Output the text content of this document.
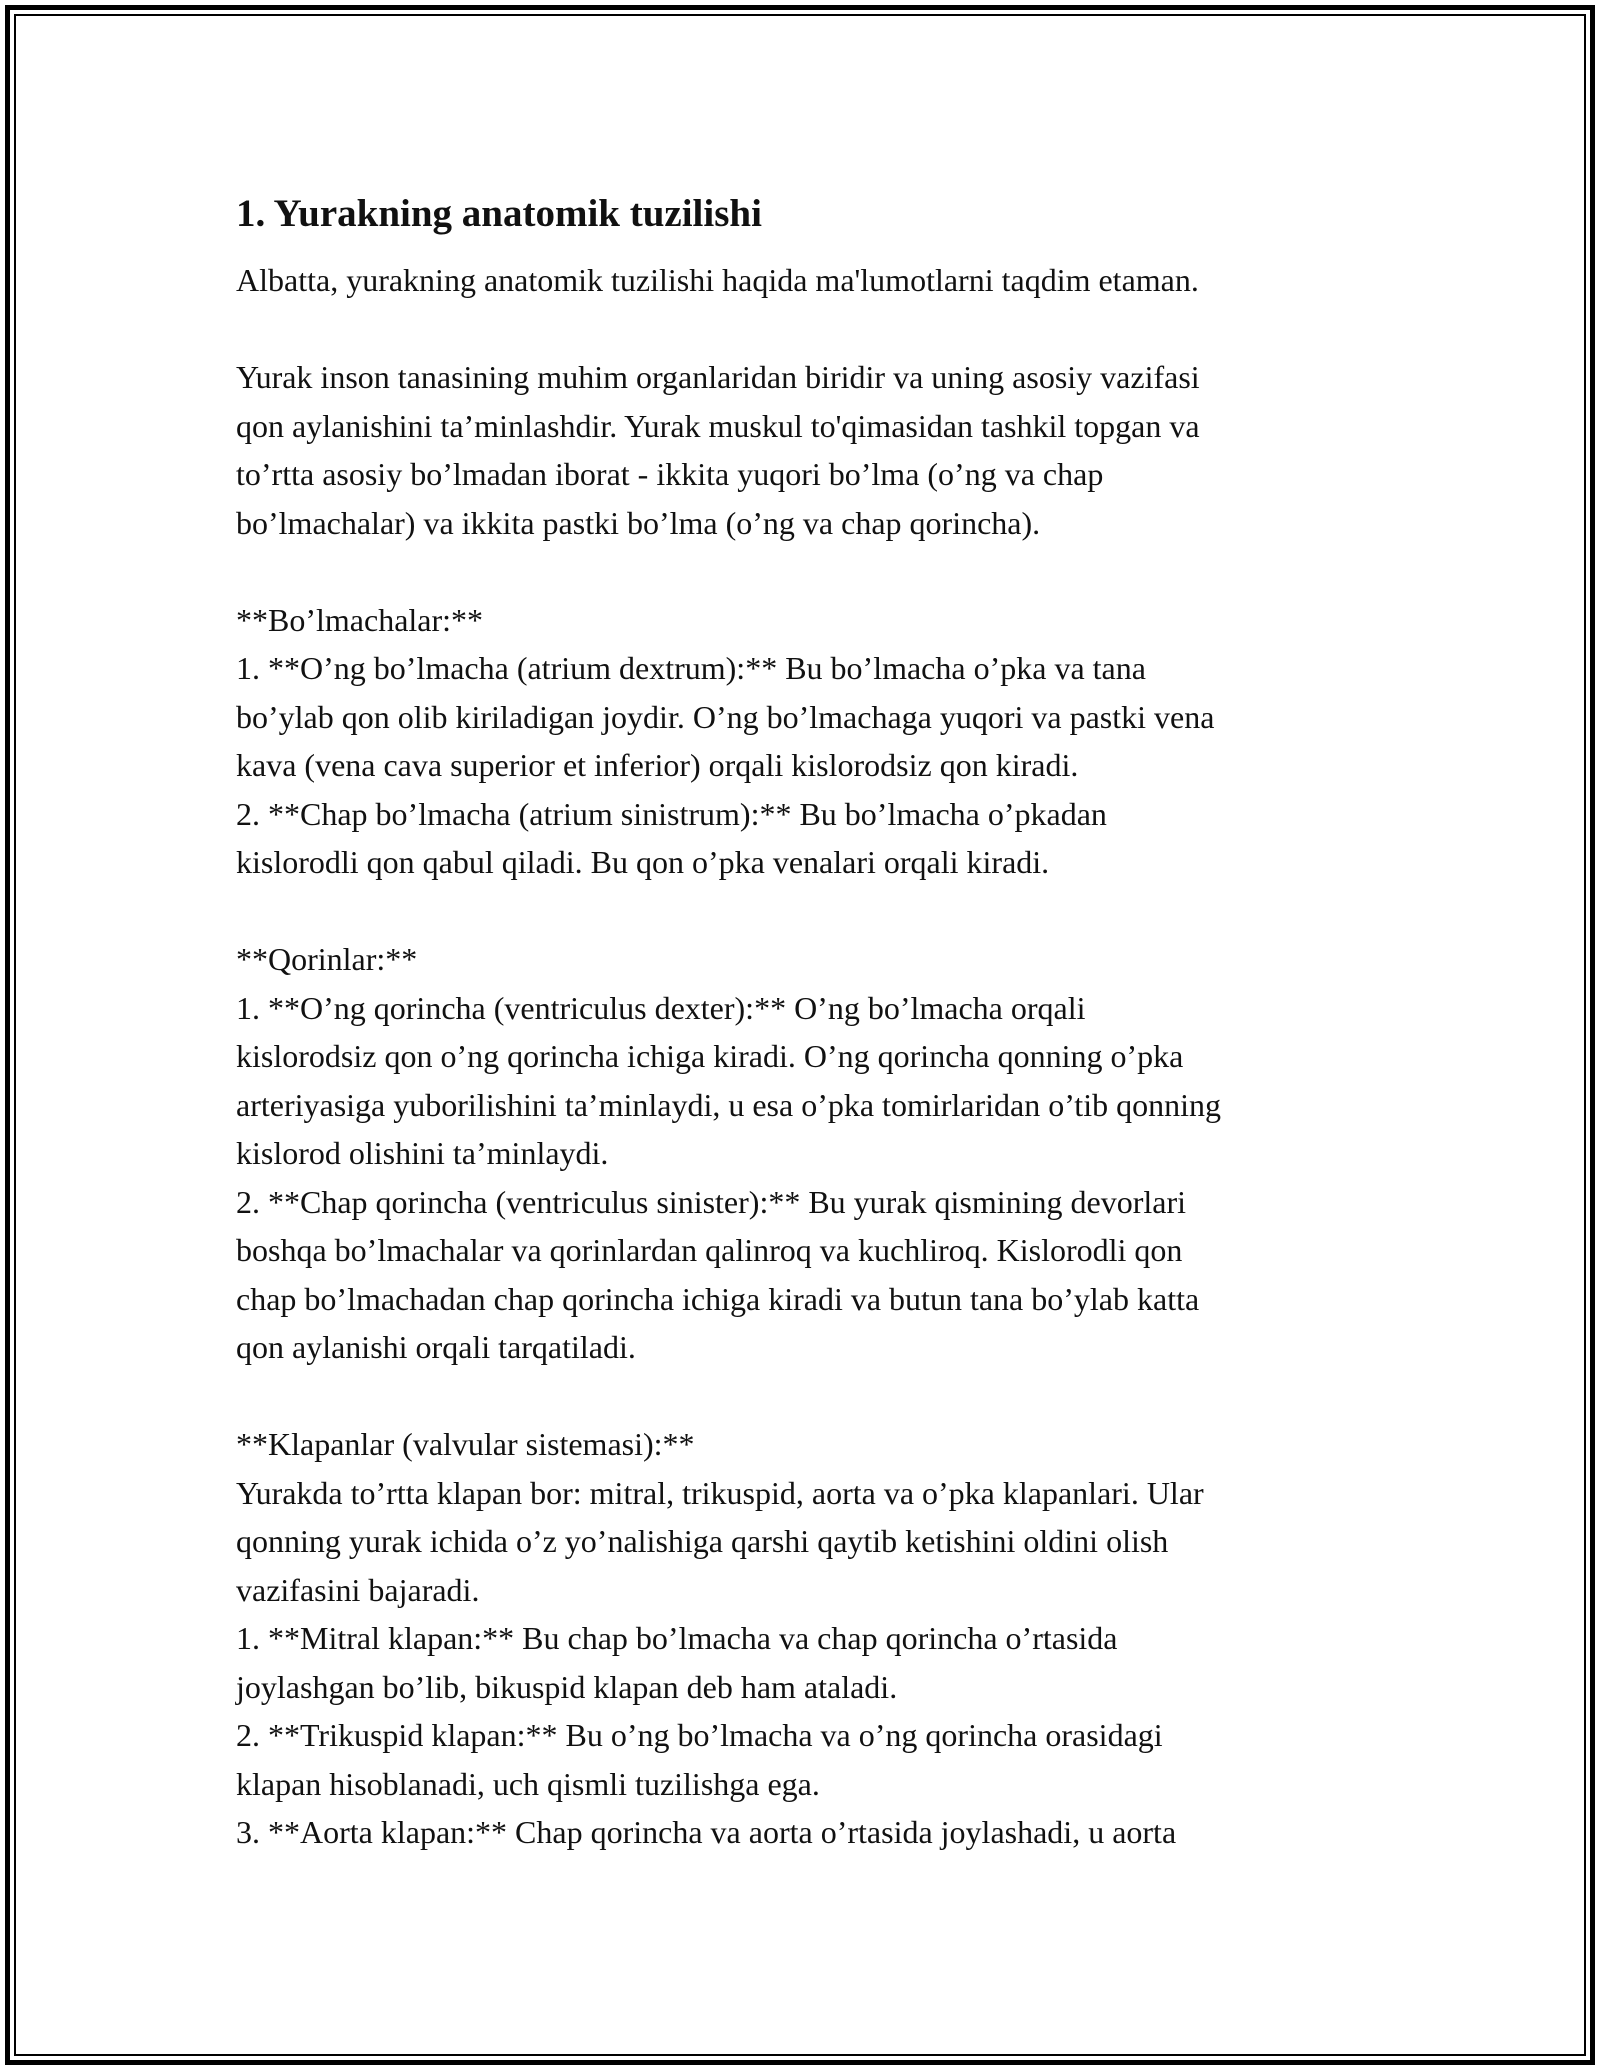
1. Yurakning anatomik tuzilishi

Albatta, yurakning anatomik tuzilishi haqida ma'lumotlarni taqdim etaman.

Yurak inson tanasining muhim organlaridan biridir va uning asosiy vazifasi

qon aylanishini ta’minlashdir. Yurak muskul to'qimasidan tashkil topgan va

to’rtta asosiy bo’lmadan iborat - ikkita yuqori bo’lma (o’ng va chap

bo’lmachalar) va ikkita pastki bo’lma (o’ng va chap qorincha).

**Bo’lmachalar:**

1. **O’ng bo’lmacha (atrium dextrum):** Bu bo’lmacha o’pka va tana

bo’ylab qon olib kiriladigan joydir. O’ng bo’lmachaga yuqori va pastki vena

kava (vena cava superior et inferior) orqali kislorodsiz qon kiradi.

2. **Chap bo’lmacha (atrium sinistrum):** Bu bo’lmacha o’pkadan

kislorodli qon qabul qiladi. Bu qon o’pka venalari orqali kiradi.

**Qorinlar:**

1. **O’ng qorincha (ventriculus dexter):** O’ng bo’lmacha orqali

kislorodsiz qon o’ng qorincha ichiga kiradi. O’ng qorincha qonning o’pka

arteriyasiga yuborilishini ta’minlaydi, u esa o’pka tomirlaridan o’tib qonning

kislorod olishini ta’minlaydi.

2. **Chap qorincha (ventriculus sinister):** Bu yurak qismining devorlari

boshqa bo’lmachalar va qorinlardan qalinroq va kuchliroq. Kislorodli qon

chap bo’lmachadan chap qorincha ichiga kiradi va butun tana bo’ylab katta

qon aylanishi orqali tarqatiladi.

**Klapanlar (valvular sistemasi):**

Yurakda to’rtta klapan bor: mitral, trikuspid, aorta va o’pka klapanlari. Ular

qonning yurak ichida o’z yo’nalishiga qarshi qaytib ketishini oldini olish

vazifasini bajaradi.

1. **Mitral klapan:** Bu chap bo’lmacha va chap qorincha o’rtasida

joylashgan bo’lib, bikuspid klapan deb ham ataladi.

2. **Trikuspid klapan:** Bu o’ng bo’lmacha va o’ng qorincha orasidagi

klapan hisoblanadi, uch qismli tuzilishga ega.

3. **Aorta klapan:** Chap qorincha va aorta o’rtasida joylashadi, u aorta
